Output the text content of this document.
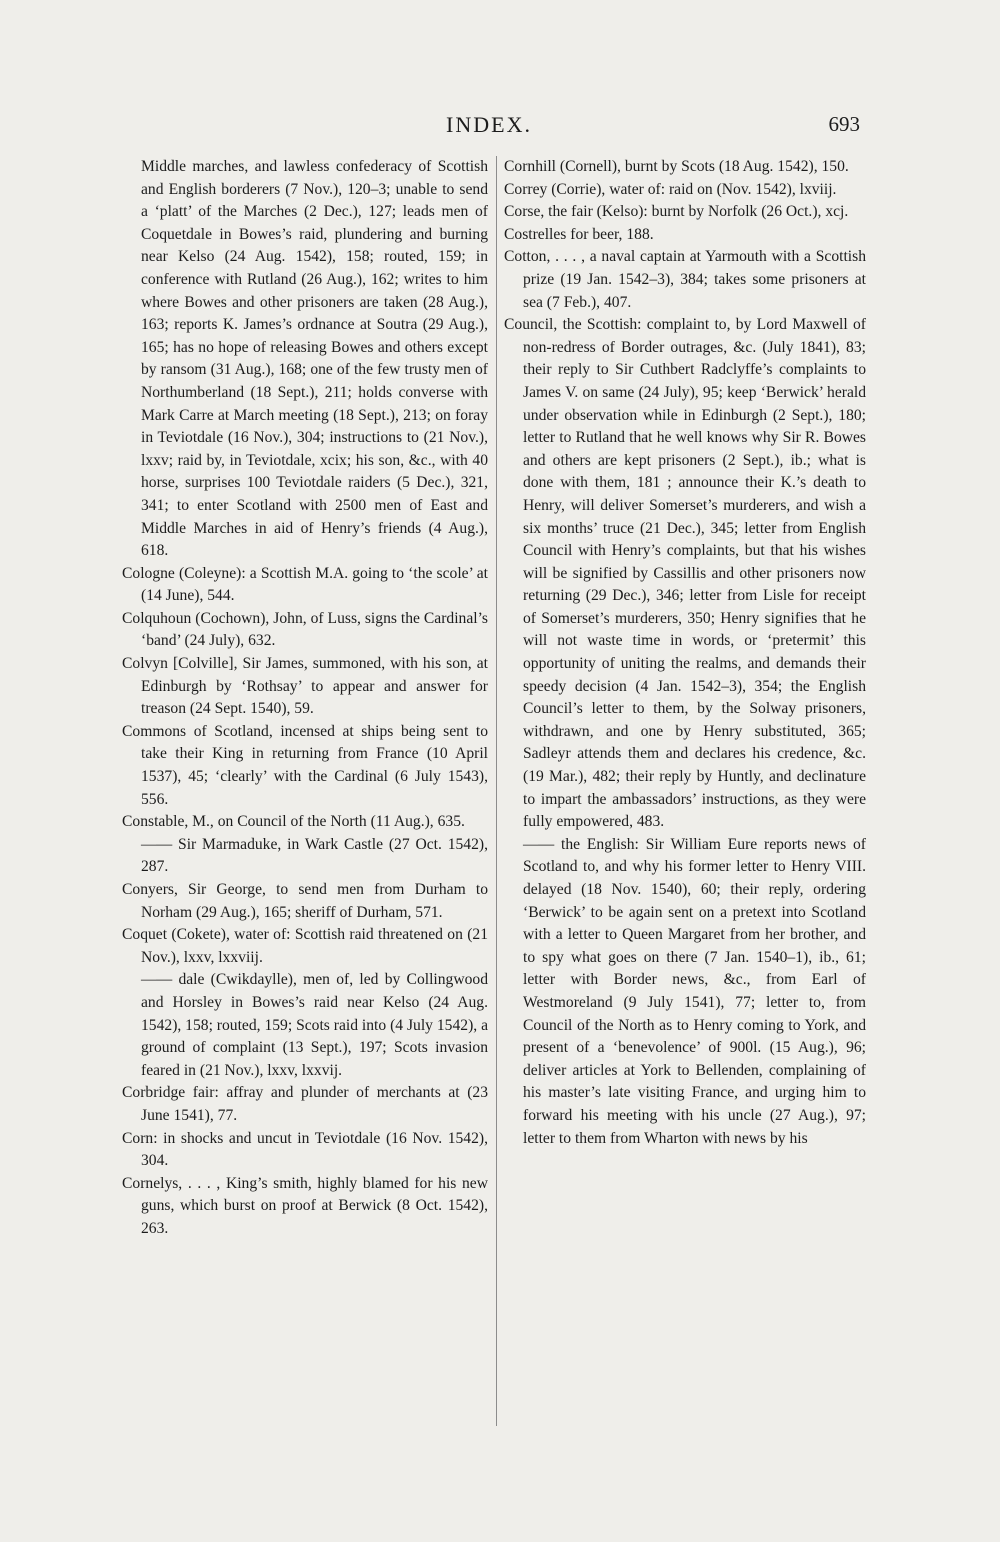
INDEX.	693

Middle marches, and lawless confederacy of Scottish and English borderers (7 Nov.), 120–3; unable to send a ‘platt’ of the Marches (2 Dec.), 127; leads men of Coquetdale in Bowes’s raid, plundering and burning near Kelso (24 Aug. 1542), 158; routed, 159; in conference with Rutland (26 Aug.), 162; writes to him where Bowes and other prisoners are taken (28 Aug.), 163; reports K. James’s ordnance at Soutra (29 Aug.), 165; has no hope of releasing Bowes and others except by ransom (31 Aug.), 168; one of the few trusty men of Northumberland (18 Sept.), 211; holds converse with Mark Carre at March meeting (18 Sept.), 213; on foray in Teviotdale (16 Nov.), 304; instructions to (21 Nov.), lxxv; raid by, in Teviotdale, xcix; his son, &c., with 40 horse, surprises 100 Teviotdale raiders (5 Dec.), 321, 341; to enter Scotland with 2500 men of East and Middle Marches in aid of Henry’s friends (4 Aug.), 618.

Cologne (Coleyne): a Scottish M.A. going to ‘the scole’ at (14 June), 544.

Colquhoun (Cochown), John, of Luss, signs the Cardinal’s ‘band’ (24 July), 632.

Colvyn [Colville], Sir James, summoned, with his son, at Edinburgh by ‘Rothsay’ to appear and answer for treason (24 Sept. 1540), 59.

Commons of Scotland, incensed at ships being sent to take their King in returning from France (10 April 1537), 45; ‘clearly’ with the Cardinal (6 July 1543), 556.

Constable, M., on Council of the North (11 Aug.), 635.

—— Sir Marmaduke, in Wark Castle (27 Oct. 1542), 287.

Conyers, Sir George, to send men from Durham to Norham (29 Aug.), 165; sheriff of Durham, 571.

Coquet (Cokete), water of: Scottish raid threatened on (21 Nov.), lxxv, lxxviij.

—— dale (Cwikdaylle), men of, led by Collingwood and Horsley in Bowes’s raid near Kelso (24 Aug. 1542), 158; routed, 159; Scots raid into (4 July 1542), a ground of complaint (13 Sept.), 197; Scots invasion feared in (21 Nov.), lxxv, lxxvij.

Corbridge fair: affray and plunder of merchants at (23 June 1541), 77.

Corn: in shocks and uncut in Teviotdale (16 Nov. 1542), 304.

Cornelys, . . . , King’s smith, highly blamed for his new guns, which burst on proof at Berwick (8 Oct. 1542), 263.

Cornhill (Cornell), burnt by Scots (18 Aug. 1542), 150.

Correy (Corrie), water of: raid on (Nov. 1542), lxviij.

Corse, the fair (Kelso): burnt by Norfolk (26 Oct.), xcj.

Costrelles for beer, 188.

Cotton, . . . , a naval captain at Yarmouth with a Scottish prize (19 Jan. 1542–3), 384; takes some prisoners at sea (7 Feb.), 407.

Council, the Scottish: complaint to, by Lord Maxwell of non-redress of Border outrages, &c. (July 1841), 83; their reply to Sir Cuthbert Radclyffe’s complaints to James V. on same (24 July), 95; keep ‘Berwick’ herald under observation while in Edinburgh (2 Sept.), 180; letter to Rutland that he well knows why Sir R. Bowes and others are kept prisoners (2 Sept.), ib.; what is done with them, 181 ; announce their K.’s death to Henry, will deliver Somerset’s murderers, and wish a six months’ truce (21 Dec.), 345; letter from English Council with Henry’s complaints, but that his wishes will be signified by Cassillis and other prisoners now returning (29 Dec.), 346; letter from Lisle for receipt of Somerset’s murderers, 350; Henry signifies that he will not waste time in words, or ‘pretermit’ this opportunity of uniting the realms, and demands their speedy decision (4 Jan. 1542–3), 354; the English Council’s letter to them, by the Solway prisoners, withdrawn, and one by Henry substituted, 365; Sadleyr attends them and declares his credence, &c. (19 Mar.), 482; their reply by Huntly, and declinature to impart the ambassadors’ instructions, as they were fully empowered, 483.

—— the English: Sir William Eure reports news of Scotland to, and why his former letter to Henry VIII. delayed (18 Nov. 1540), 60; their reply, ordering ‘Berwick’ to be again sent on a pretext into Scotland with a letter to Queen Margaret from her brother, and to spy what goes on there (7 Jan. 1540–1), ib., 61; letter with Border news, &c., from Earl of Westmoreland (9 July 1541), 77; letter to, from Council of the North as to Henry coming to York, and present of a ‘benevolence’ of 900l. (15 Aug.), 96; deliver articles at York to Bellenden, complaining of his master’s late visiting France, and urging him to forward his meeting with his uncle (27 Aug.), 97; letter to them from Wharton with news by his
